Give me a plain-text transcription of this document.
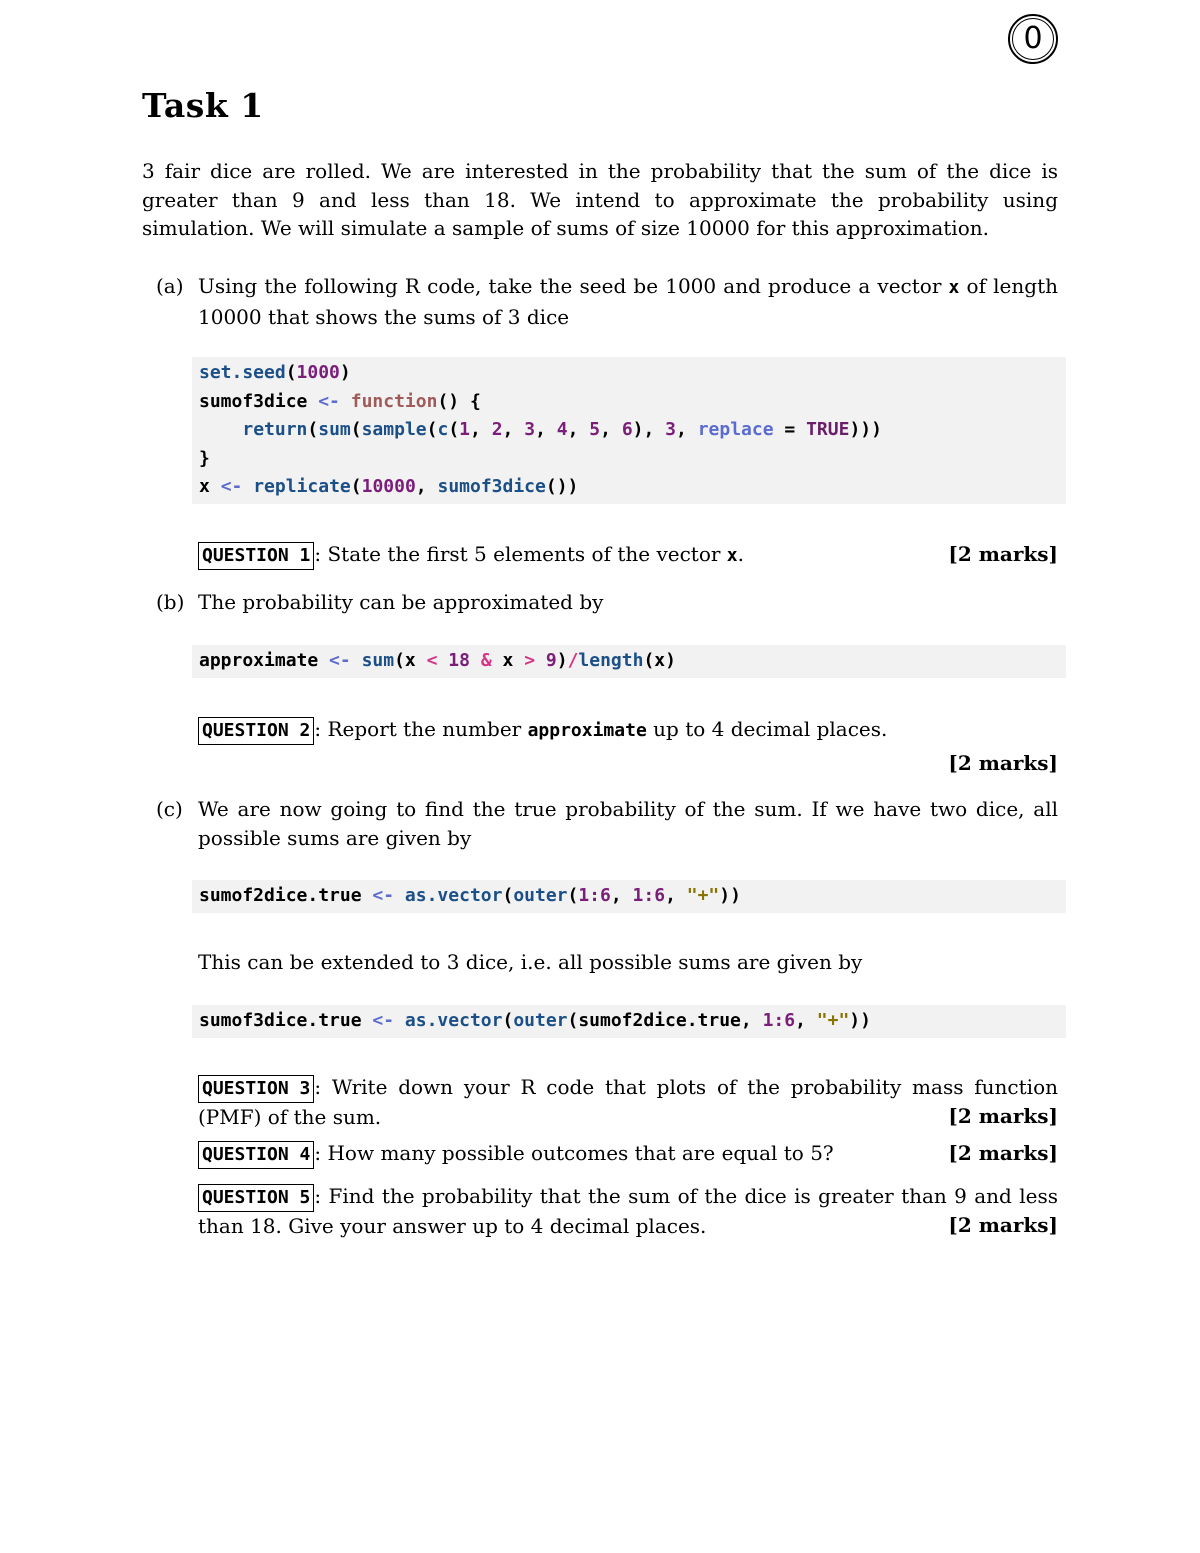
0
Task 1

3 fair dice are rolled. We are interested in the probability that the sum of the dice is greater than 9 and less than 18. We intend to approximate the probability using simulation. We will simulate a sample of sums of size 10000 for this approximation.

(a) Using the following R code, take the seed be 1000 and produce a vector x of length 10000 that shows the sums of 3 dice
set.seed(1000)
sumof3dice <- function() {
return(sum(sample(c(1, 2, 3, 4, 5, 6), 3, replace = TRUE)))
}
x <- replicate(10000, sumof3dice())
QUESTION 1 : State the first 5 elements of the vector x.	[2 marks]
(b) The probability can be approximated by
approximate <- sum(x < 18 & x > 9)/length(x)
QUESTION 2 : Report the number approximate up to 4 decimal places.
[2 marks]
(c) We are now going to find the true probability of the sum. If we have two dice, all possible sums are given by
sumof2dice.true <- as.vector(outer(1:6, 1:6, "+"))
This can be extended to 3 dice, i.e. all possible sums are given by
sumof3dice.true <- as.vector(outer(sumof2dice.true, 1:6, "+"))
QUESTION 3 : Write down your R code that plots of the probability mass function (PMF) of the sum.	[2 marks]
QUESTION 4 : How many possible outcomes that are equal to 5?	[2 marks]
QUESTION 5 : Find the probability that the sum of the dice is greater than 9 and less than 18. Give your answer up to 4 decimal places.	[2 marks]
